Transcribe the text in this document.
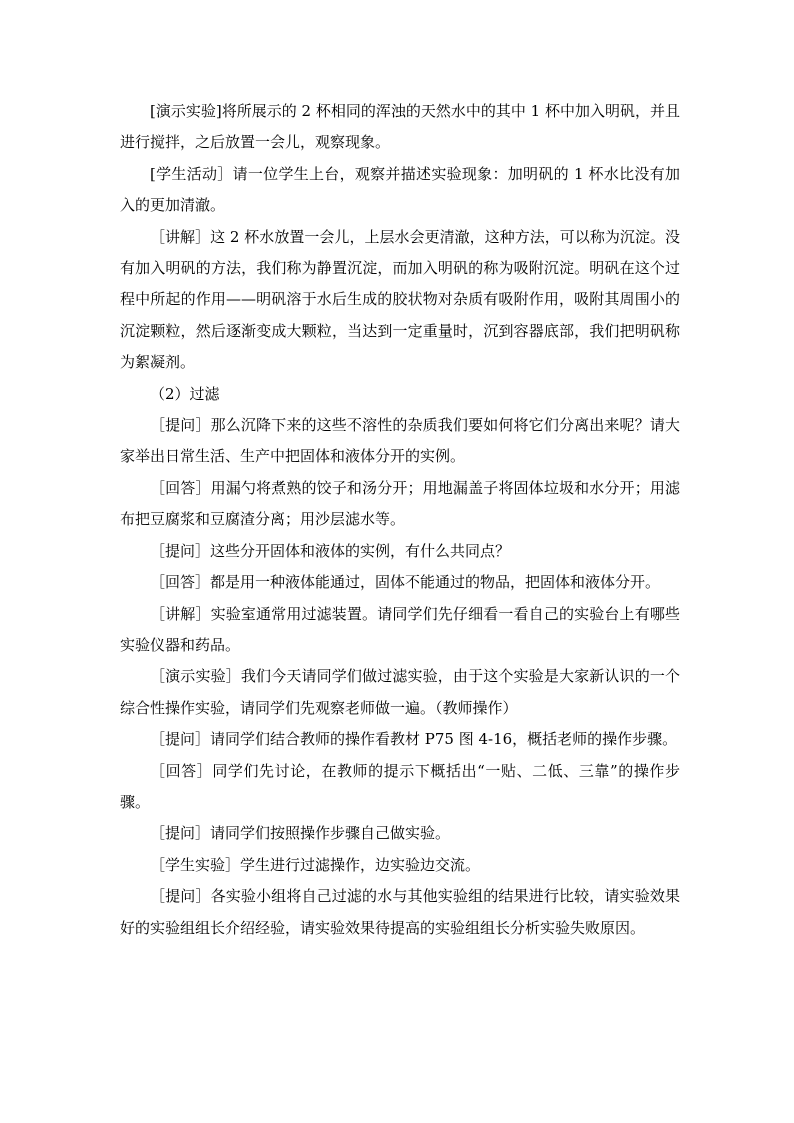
[演示实验]将所展示的 2 杯相同的浑浊的天然水中的其中 1 杯中加入明矾，并且进行搅拌，之后放置一会儿，观察现象。

[学生活动］请一位学生上台，观察并描述实验现象：加明矾的 1 杯水比没有加入的更加清澈。

［讲解］这 2 杯水放置一会儿，上层水会更清澈，这种方法，可以称为沉淀。没有加入明矾的方法，我们称为静置沉淀，而加入明矾的称为吸附沉淀。明矾在这个过程中所起的作用——明矾溶于水后生成的胶状物对杂质有吸附作用，吸附其周围小的沉淀颗粒，然后逐渐变成大颗粒，当达到一定重量时，沉到容器底部，我们把明矾称为絮凝剂。

（2）过滤

［提问］那么沉降下来的这些不溶性的杂质我们要如何将它们分离出来呢？请大家举出日常生活、生产中把固体和液体分开的实例。

［回答］用漏勺将煮熟的饺子和汤分开；用地漏盖子将固体垃圾和水分开；用滤布把豆腐浆和豆腐渣分离；用沙层滤水等。

［提问］这些分开固体和液体的实例，有什么共同点？

［回答］都是用一种液体能通过，固体不能通过的物品，把固体和液体分开。

［讲解］实验室通常用过滤装置。请同学们先仔细看一看自己的实验台上有哪些实验仪器和药品。

［演示实验］我们今天请同学们做过滤实验，由于这个实验是大家新认识的一个综合性操作实验，请同学们先观察老师做一遍。（教师操作）

［提问］请同学们结合教师的操作看教材 P75 图 4-16，概括老师的操作步骤。

［回答］同学们先讨论，在教师的提示下概括出“一贴、二低、三靠”的操作步骤。

［提问］请同学们按照操作步骤自己做实验。

［学生实验］学生进行过滤操作，边实验边交流。

［提问］各实验小组将自己过滤的水与其他实验组的结果进行比较，请实验效果好的实验组组长介绍经验，请实验效果待提高的实验组组长分析实验失败原因。
